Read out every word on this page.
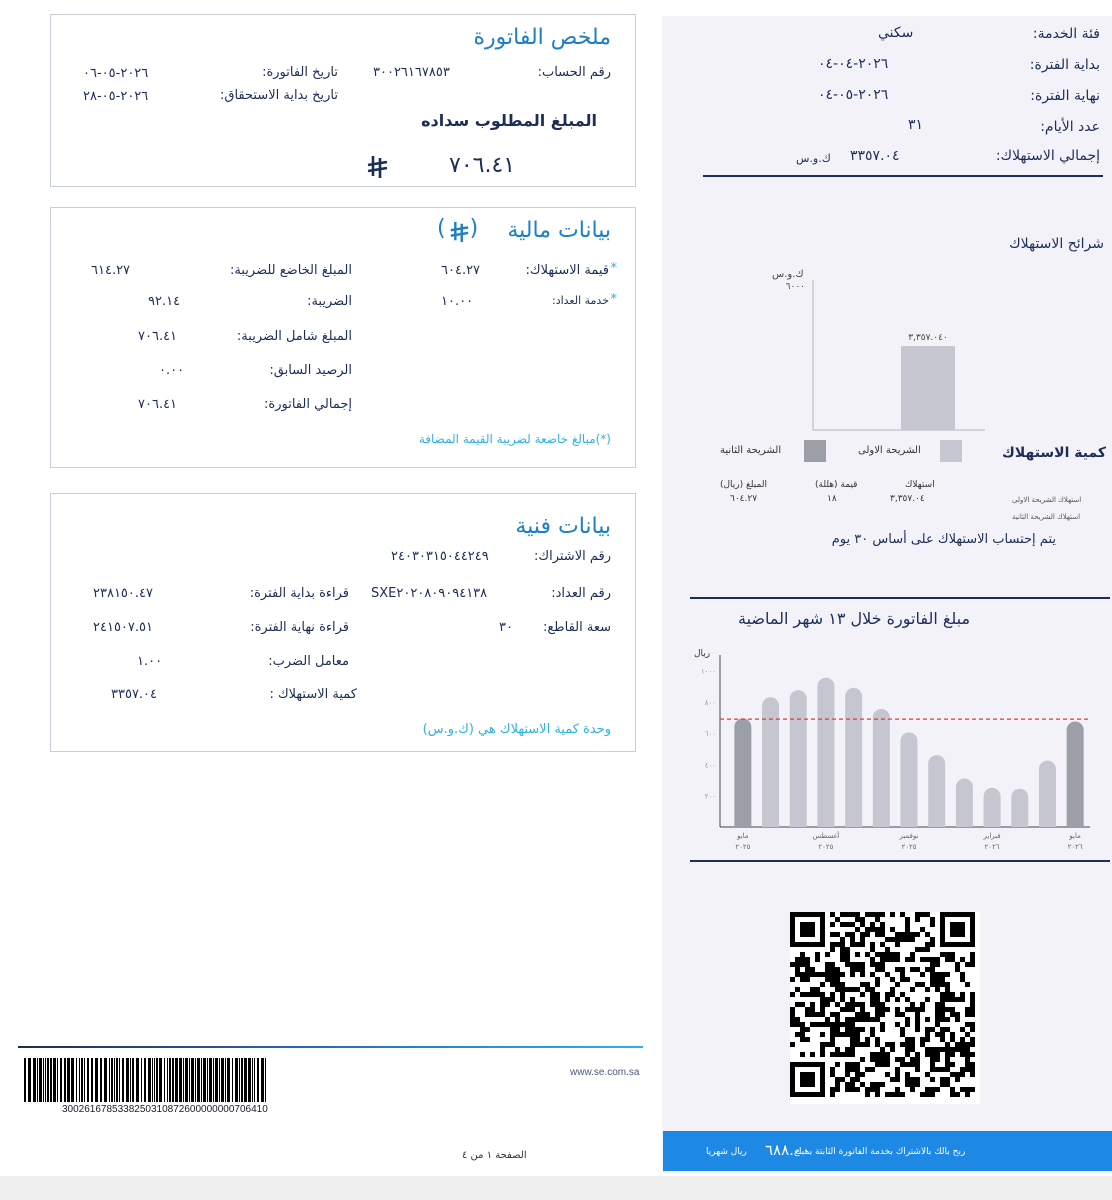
ملخص الفاتورة
رقم الحساب:
٣٠٠٢٦١٦٧٨٥٣
تاريخ الفاتورة:
٢٠٢٦-٠٥-٠٦
تاريخ بداية الاستحقاق:
٢٠٢٦-٠٥-٢٨
المبلغ المطلوب سداده
٧٠٦.٤١
بيانات مالية
( )
*
قيمة الاستهلاك:
٦٠٤.٢٧
*
خدمة العداد:
١٠.٠٠
المبلغ الخاضع للضريبة:
٦١٤.٢٧
الضريبة:
٩٢.١٤
المبلغ شامل الضريبة:
٧٠٦.٤١
الرصيد السابق:
٠.٠٠
إجمالي الفاتورة:
٧٠٦.٤١
(*)مبالغ خاضعة لضريبة القيمة المضافة
بيانات فنية
رقم الاشتراك:
٢٤٠٣٠٣١٥٠٤٤٢٤٩
رقم العداد:
SXE٢٠٢٠٨٠٩٠٩٤١٣٨
سعة القاطع:
٣٠
قراءة بداية الفترة:
٢٣٨١٥٠.٤٧
قراءة نهاية الفترة:
٢٤١٥٠٧.٥١
معامل الضرب:
١.٠٠
كمية الاستهلاك :
٣٣٥٧.٠٤
وحدة كمية الاستهلاك هي (ك.و.س)
3002616785338250310872600000000706410
www.se.com.sa
الصفحة ١ من ٤
فئة الخدمة:
سكني
بداية الفترة:
٢٠٢٦-٠٤-٠٤
نهاية الفترة:
٢٠٢٦-٠٥-٠٤
عدد الأيام:
٣١
إجمالي الاستهلاك:
٣٣٥٧.٠٤
ك.و.س
شرائح الاستهلاك
ك.و.س
٦٠٠٠
٣,٣٥٧.٠٤٠
الشريحة الاولى
الشريحة الثانية	كمية الاستهلاك
استهلاك
٣,٣٥٧.٠٤
قيمة (هللة)
١٨
المبلغ (ريال)
٦٠٤.٢٧	استهلاك الشريحة الاولى
استهلاك الشريحة الثانية
يتم إحتساب الاستهلاك على أساس ٣٠ يوم
مبلغ الفاتورة خلال ١٣ شهر الماضية
ريال
٢٠٠
٤٠٠
٦٠٠
٨٠٠
١٠٠٠
مايو
٢٠٢٥
أغسطس
٢٠٢٥
نوفمبر
٢٠٢٥
فبراير
٢٠٢٦
مايو
٢٠٢٦
ربح بالك بالاشتراك بخدمة الفاتورة الثابتة بمبلغ
٦٨٨.٠٠
ريال شهريا
